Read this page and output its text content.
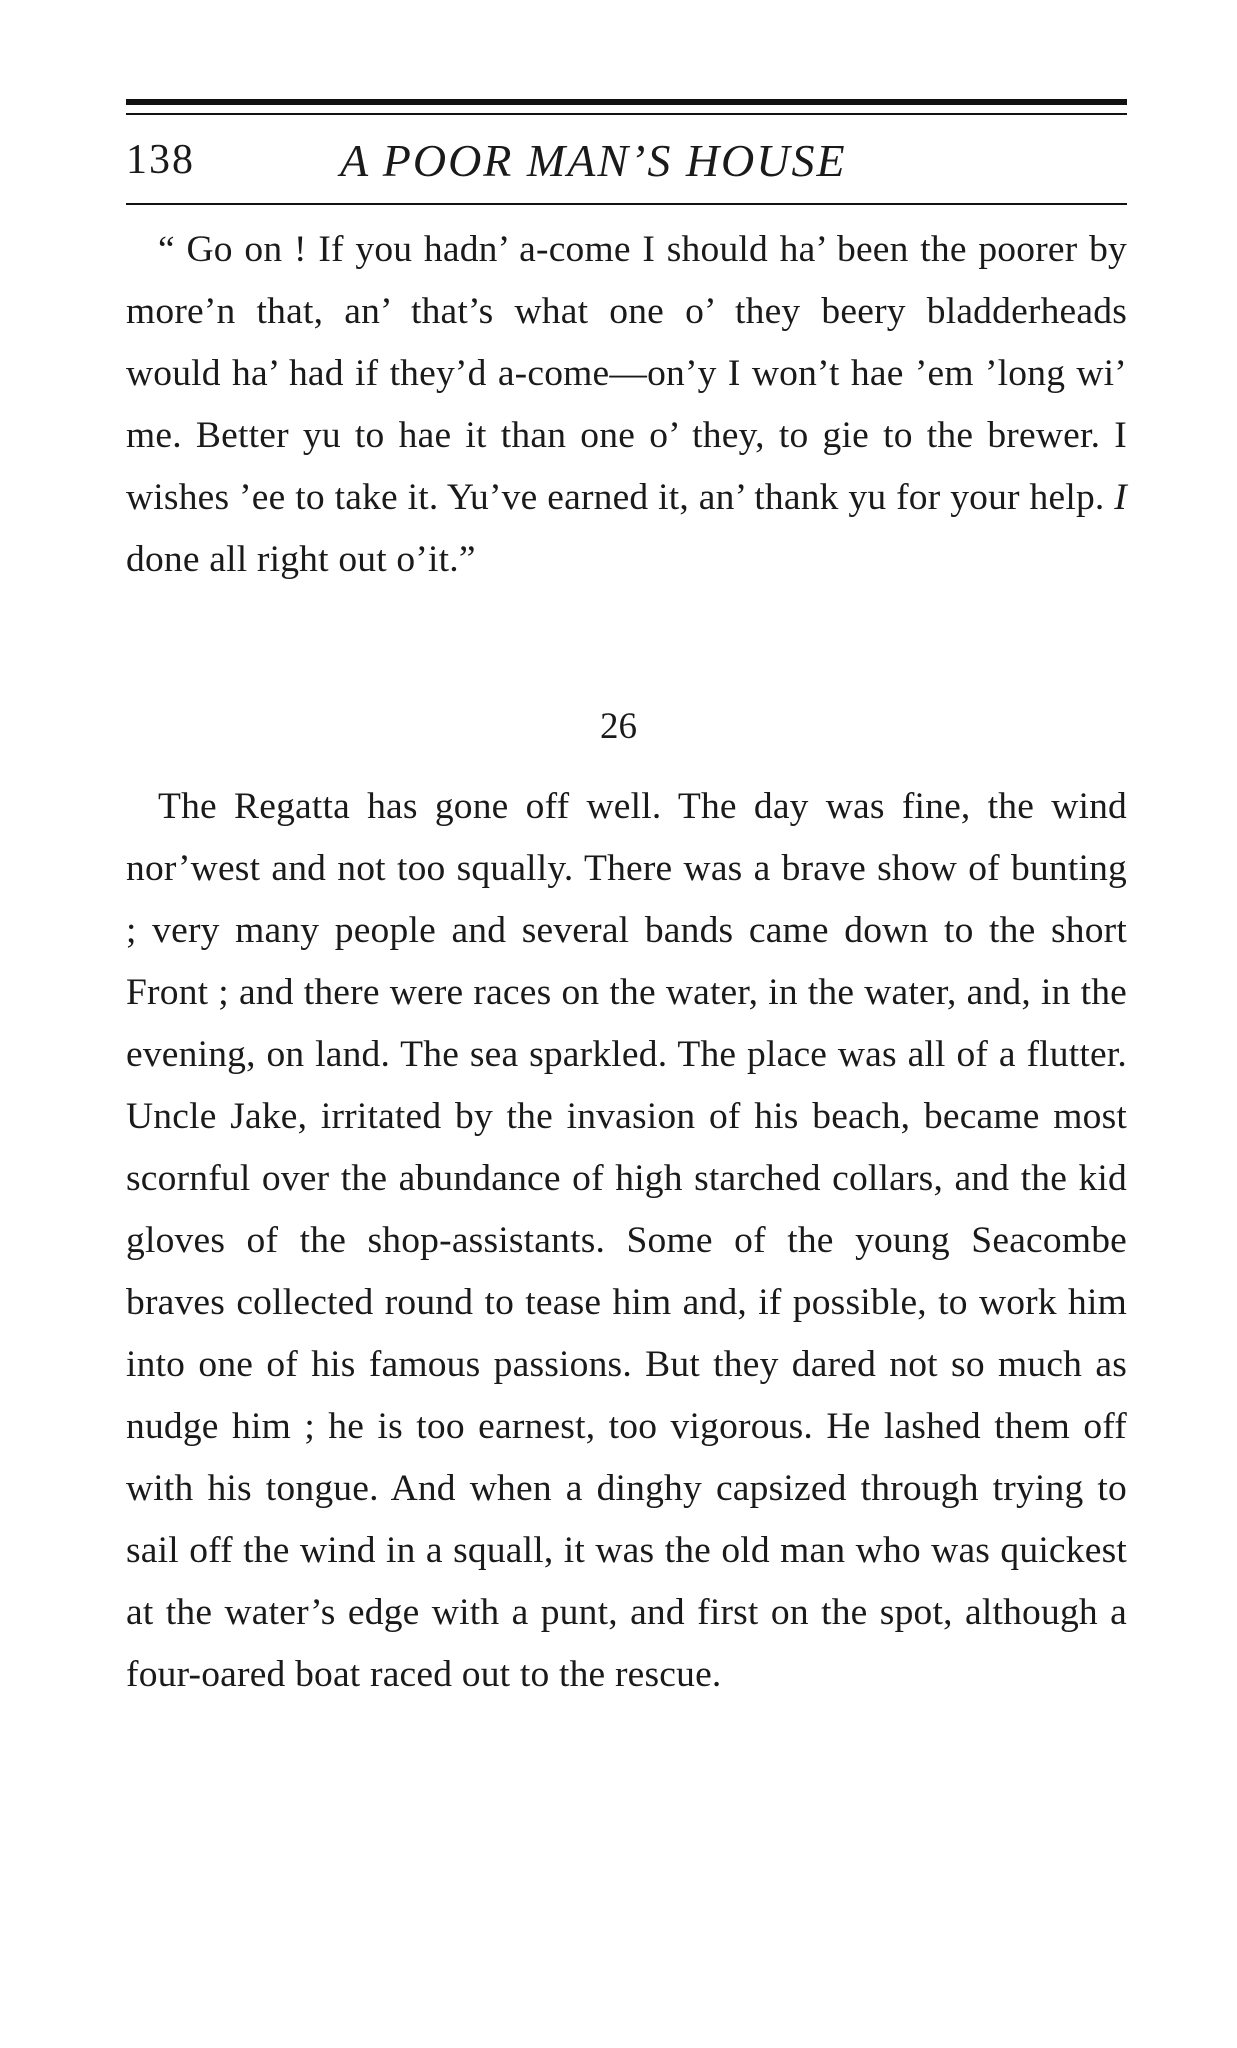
138	A POOR MAN’S HOUSE

“ Go on ! If you hadn’ a-come I should ha’ been the poorer by more’n that, an’ that’s what one o’ they beery bladderheads would ha’ had if they’d a-come—on’y I won’t hae ’em ’long wi’ me. Better yu to hae it than one o’ they, to gie to the brewer. I wishes ’ee to take it. Yu’ve earned it, an’ thank yu for your help. I done all right out o’it.”

26

The Regatta has gone off well. The day was fine, the wind nor’west and not too squally. There was a brave show of bunting ; very many people and several bands came down to the short Front ; and there were races on the water, in the water, and, in the evening, on land. The sea sparkled. The place was all of a flutter. Uncle Jake, irritated by the invasion of his beach, became most scornful over the abundance of high starched collars, and the kid gloves of the shop-assistants. Some of the young Seacombe braves collected round to tease him and, if possible, to work him into one of his famous passions. But they dared not so much as nudge him ; he is too earnest, too vigorous. He lashed them off with his tongue. And when a dinghy capsized through trying to sail off the wind in a squall, it was the old man who was quickest at the water’s edge with a punt, and first on the spot, although a four-oared boat raced out to the rescue.
